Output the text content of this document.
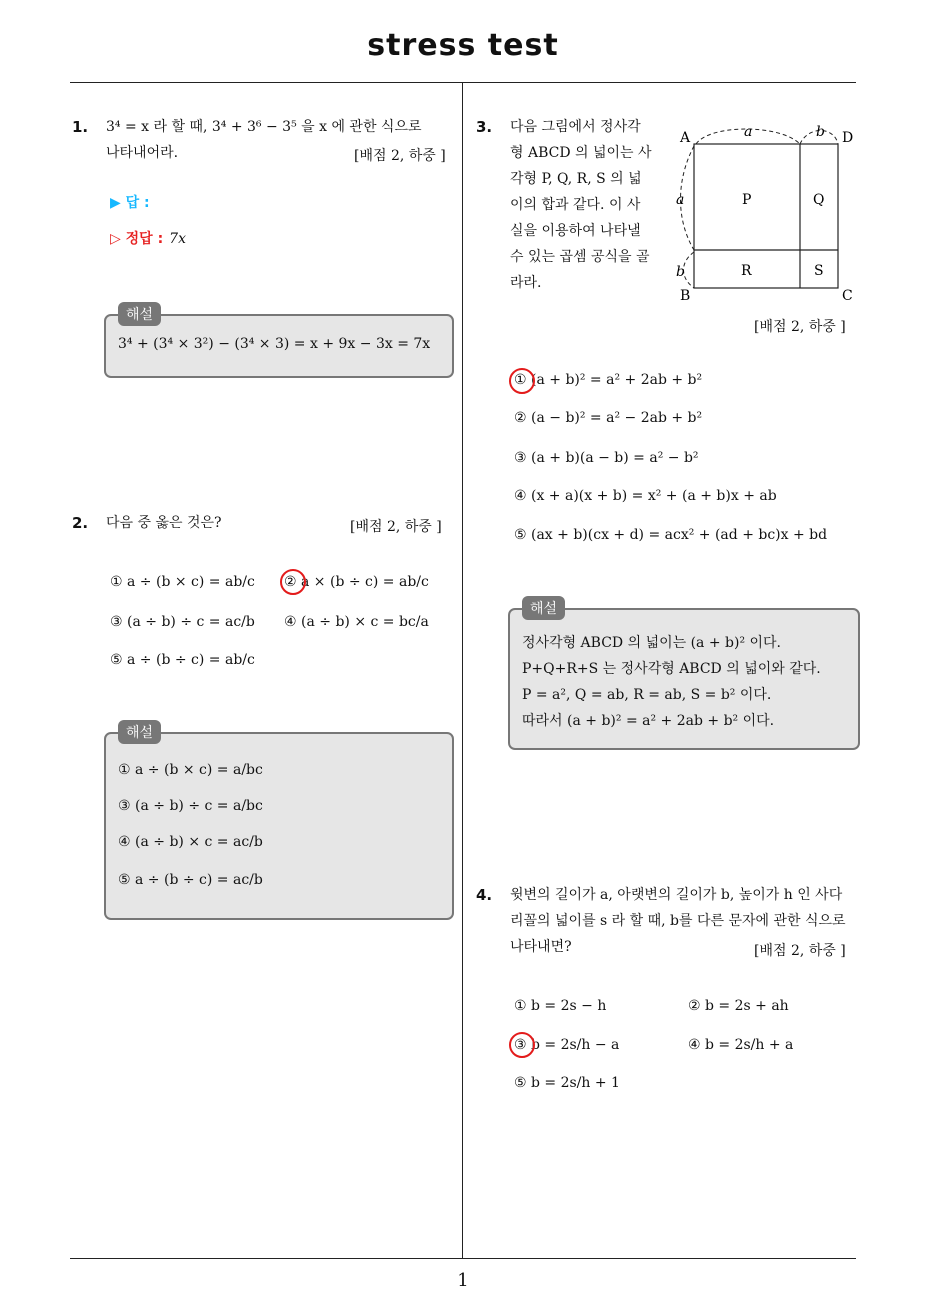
stress test
1
1. 3⁴ = x 라 할 때, 3⁴ + 3⁶ − 3⁵ 을 x 에 관한 식으로
나타내어라.	[배점 2, 하중 ]
▶ 답 :
▷ 정답 : 7x
3⁴ + (3⁴ × 3²) − (3⁴ × 3) = x + 9x − 3x = 7x
해설
2. 다음 중 옳은 것은?	[배점 2, 하중 ]
① a ÷ (b × c) = ab/c ② a × (b ÷ c) = ab/c
③ (a ÷ b) ÷ c = ac/b ④ (a ÷ b) × c = bc/a
⑤ a ÷ (b ÷ c) = ab/c
① a ÷ (b × c) = a/bc
③ (a ÷ b) ÷ c = a/bc
④ (a ÷ b) × c = ac/b
⑤ a ÷ (b ÷ c) = ac/b
해설
3. 다음 그림에서 정사각
형 ABCD 의 넓이는 사
각형 P, Q, R, S 의 넓
이의 합과 같다. 이 사
실을 이용하여 나타낼
수 있는 곱셈 공식을 골
라라.
A
B	C
D
a	b
a
b
P	Q
R	S
[배점 2, 하중 ]
① (a + b)² = a² + 2ab + b²
② (a − b)² = a² − 2ab + b²
③ (a + b)(a − b) = a² − b²
④ (x + a)(x + b) = x² + (a + b)x + ab
⑤ (ax + b)(cx + d) = acx² + (ad + bc)x + bd
정사각형 ABCD 의 넓이는 (a + b)² 이다.
P+Q+R+S 는 정사각형 ABCD 의 넓이와 같다.
P = a², Q = ab, R = ab, S = b² 이다.
따라서 (a + b)² = a² + 2ab + b² 이다.
해설
4. 윗변의 길이가 a, 아랫변의 길이가 b, 높이가 h 인 사다
리꼴의 넓이를 s 라 할 때, b를 다른 문자에 관한 식으로
나타내면?	[배점 2, 하중 ]
① b = 2s − h	② b = 2s + ah
③ b = 2s/h − a	④ b = 2s/h + a
⑤ b = 2s/h + 1
